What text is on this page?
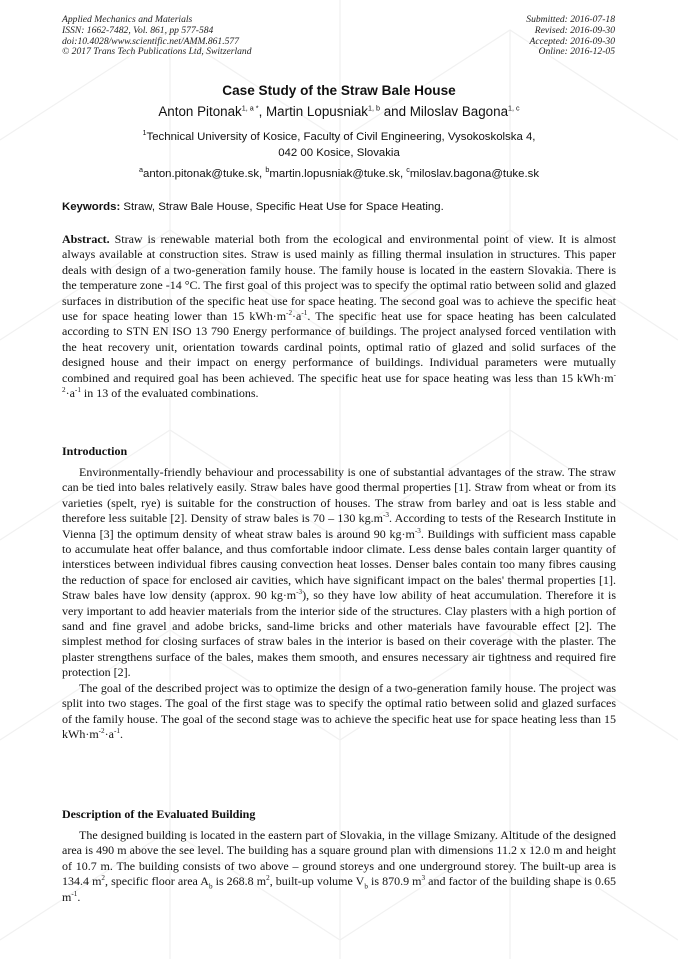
Applied Mechanics and Materials
ISSN: 1662-7482, Vol. 861, pp 577-584
doi:10.4028/www.scientific.net/AMM.861.577
© 2017 Trans Tech Publications Ltd, Switzerland
Submitted: 2016-07-18
Revised: 2016-09-30
Accepted: 2016-09-30
Online: 2016-12-05
Case Study of the Straw Bale House
Anton Pitonak$^{1, a *}$, Martin Lopusniak$^{1, b}$ and Miloslav Bagona$^{1, c}$
$^1$Technical University of Kosice, Faculty of Civil Engineering, Vysokoskolska 4,
042 00 Kosice, Slovakia
$^a$anton.pitonak@tuke.sk, $^b$martin.lopusniak@tuke.sk, $^c$miloslav.bagona@tuke.sk
Keywords: Straw, Straw Bale House, Specific Heat Use for Space Heating.

Abstract. Straw is renewable material both from the ecological and environmental point of view. It is almost always available at construction sites. Straw is used mainly as filling thermal insulation in structures. This paper deals with design of a two-generation family house. The family house is located in the eastern Slovakia. There is the temperature zone -14 °C. The first goal of this project was to specify the optimal ratio between solid and glazed surfaces in distribution of the specific heat use for space heating. The second goal was to achieve the specific heat use for space heating lower than 15 $kWh\cdot m^{-2}\cdot a^{-1}$. The specific heat use for space heating has been calculated according to STN EN ISO 13 790 Energy performance of buildings. The project analysed forced ventilation with the heat recovery unit, orientation towards cardinal points, optimal ratio of glazed and solid surfaces of the designed house and their impact on energy performance of buildings. Individual parameters were mutually combined and required goal has been achieved. The specific heat use for space heating was less than 15 $kWh\cdot m^{-2}\cdot a^{-1}$ in 13 of the evaluated combinations.

Introduction

Environmentally-friendly behaviour and processability is one of substantial advantages of the straw. The straw can be tied into bales relatively easily. Straw bales have good thermal properties [1]. Straw from wheat or from its varieties (spelt, rye) is suitable for the construction of houses. The straw from barley and oat is less stable and therefore less suitable [2]. Density of straw bales is 70 – 130 $kg.m^{-3}$. According to tests of the Research Institute in Vienna [3] the optimum density of wheat straw bales is around 90 $kg\cdot m^{-3}$. Buildings with sufficient mass capable to accumulate heat offer balance, and thus comfortable indoor climate. Less dense bales contain larger quantity of interstices between individual fibres causing convection heat losses. Denser bales contain too many fibres causing the reduction of space for enclosed air cavities, which have significant impact on the bales' thermal properties [1]. Straw bales have low density (approx. 90 $kg\cdot m^{-3}$), so they have low ability of heat accumulation. Therefore it is very important to add heavier materials from the interior side of the structures. Clay plasters with a high portion of sand and fine gravel and adobe bricks, sand-lime bricks and other materials have favourable effect [2]. The simplest method for closing surfaces of straw bales in the interior is based on their coverage with the plaster. The plaster strengthens surface of the bales, makes them smooth, and ensures necessary air tightness and required fire protection [2].

The goal of the described project was to optimize the design of a two-generation family house. The project was split into two stages. The goal of the first stage was to specify the optimal ratio between solid and glazed surfaces of the family house. The goal of the second stage was to achieve the specific heat use for space heating less than 15 $kWh\cdot m^{-2}\cdot a^{-1}$.

Description of the Evaluated Building

The designed building is located in the eastern part of Slovakia, in the village Smizany. Altitude of the designed area is 490 m above the see level. The building has a square ground plan with dimensions 11.2 x 12.0 m and height of 10.7 m. The building consists of two above – ground storeys and one underground storey. The built-up area is 134.4 $m^2$, specific floor area $A_b$ is 268.8 $m^2$, built-up volume $V_b$ is 870.9 $m^3$ and factor of the building shape is 0.65 $m^{-1}$.
